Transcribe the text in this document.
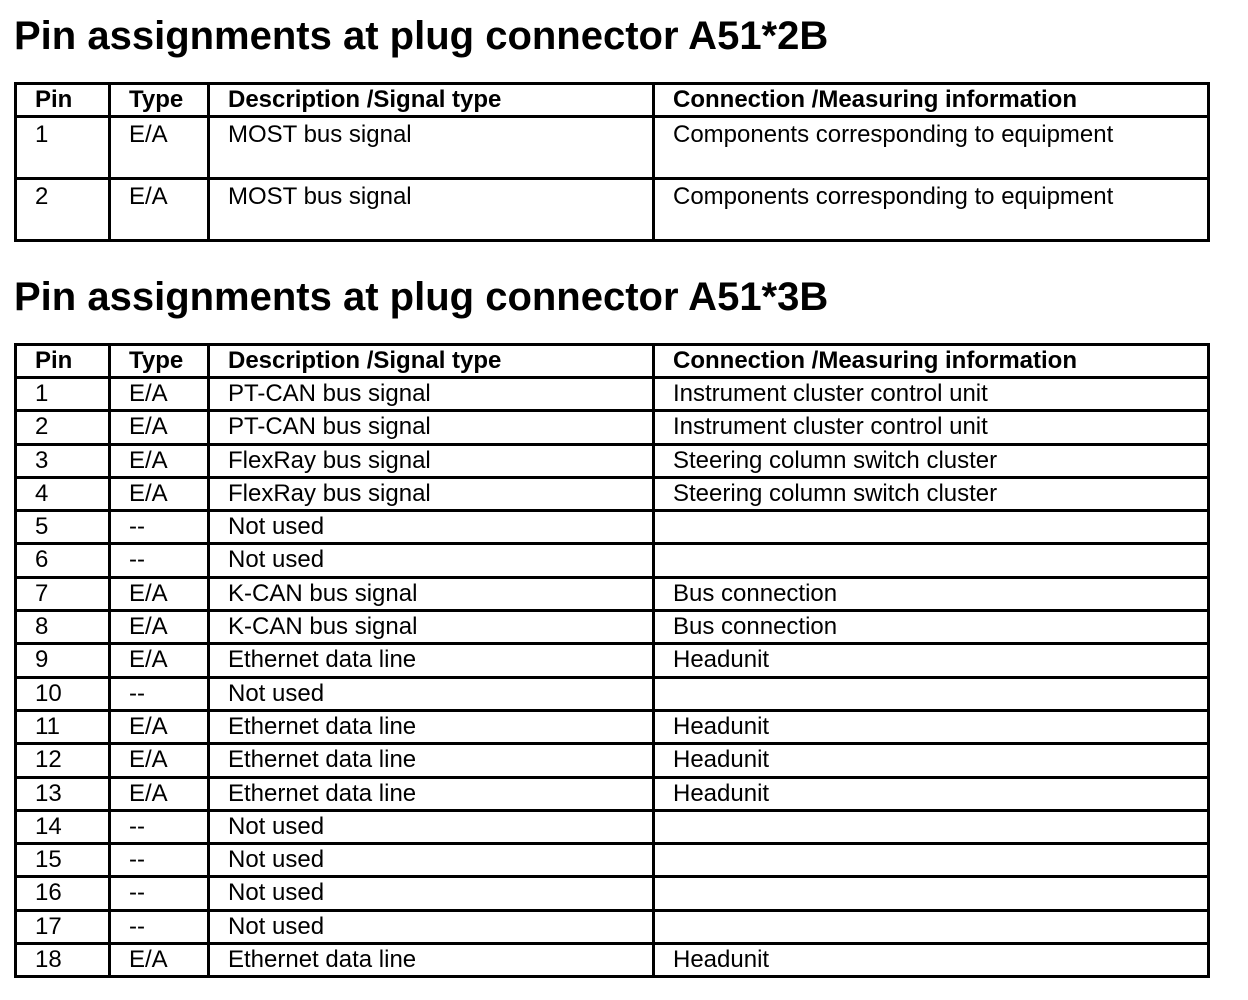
Pin assignments at plug connector A51*2B
Pin	Type	Description /Signal type	Connection /Measuring information
1	E/A	MOST bus signal	Components corresponding to equipment
2	E/A	MOST bus signal	Components corresponding to equipment
Pin assignments at plug connector A51*3B
Pin	Type	Description /Signal type	Connection /Measuring information
1	E/A	PT-CAN bus signal	Instrument cluster control unit
2	E/A	PT-CAN bus signal	Instrument cluster control unit
3	E/A	FlexRay bus signal	Steering column switch cluster
4	E/A	FlexRay bus signal	Steering column switch cluster
5	--	Not used	
6	--	Not used	
7	E/A	K-CAN bus signal	Bus connection
8	E/A	K-CAN bus signal	Bus connection
9	E/A	Ethernet data line	Headunit
10	--	Not used	
11	E/A	Ethernet data line	Headunit
12	E/A	Ethernet data line	Headunit
13	E/A	Ethernet data line	Headunit
14	--	Not used	
15	--	Not used	
16	--	Not used	
17	--	Not used	
18	E/A	Ethernet data line	Headunit
